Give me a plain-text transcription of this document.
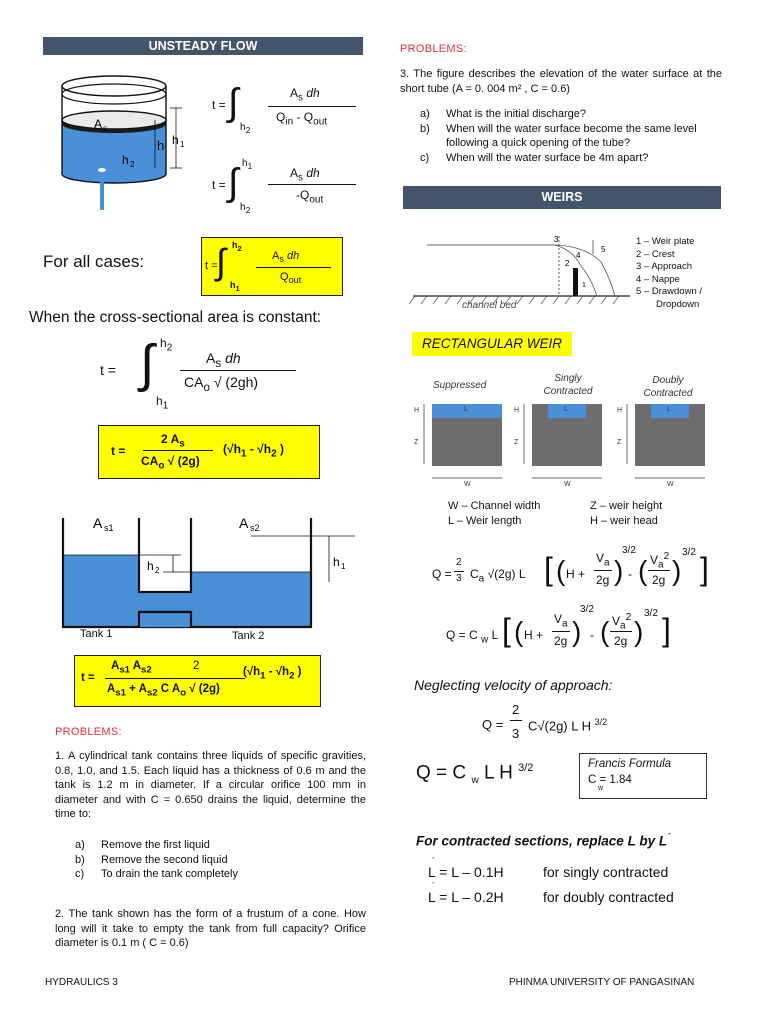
UNSTEADY FLOW
A s
h
h 2
h 1
t = ∫
$h_2$
$A_s$ dh
$Q_{in} - Q_{out}$
t = ∫ $h_1$
$h_2$
$A_s$ dh
$-Q_{out}$
For all cases:	t =
∫ $h_2$
$h_1$
$A_s$ dh
$Q_{out}$
When the cross-sectional area is constant:
t = ∫ $h_2$
$h_1$
$A_s$ dh
$CA_o$ √ (2gh)
t =
2 $A_s$
$CA_o$ √ (2g)
($√h_1 - √h_2$ )
h 2
h 1
A s1	A s2
Tank 1	Tank 2
t =
$A_{s1}$ $A_{s2}$	2
$A_{s1} + A_{s2}$ C $A_o$ √ (2g)
($√h_1 - √h_2$ )
PROBLEMS:
1. A cylindrical tank contains three liquids of specific gravities, 0.8, 1.0, and 1.5. Each liquid has a thickness of 0.6 m and the tank is 1.2 m in diameter. If a circular orifice 100 mm in diameter and with C = 0.650 drains the liquid, determine the time to:
a) Remove the first liquid
b) Remove the second liquid
c) To drain the tank completely
2. The tank shown has the form of a frustum of a cone. How long will it take to empty the tank from full capacity? Orifice diameter is 0.1 m ( C = 0.6)
PROBLEMS:
3. The figure describes the elevation of the water surface at the short tube (A = 0. 004 m² , C = 0.6)
a) What is the initial discharge?
b) When will the water surface become the same level following a quick opening of the tube?
c) When will the water surface be 4m apart?
WEIRS
3
5
4
2
1
channel bed
1 – Weir plate
2 – Crest
3 – Approach
4 – Nappe
5 – Drawdown /
Dropdown
RECTANGULAR WEIR
Suppressed
Singly Contracted
Doubly Contracted
L
H
Z
W
L
H
Z
W
L
H
Z
W
W – Channel width
L – Weir length
Z – weir height
H – weir head
Q =
2
3 $C_a$ √(2g) L [ ( H +
$V_a$
2g )
3/2
- ( $V_a^2$
2g )
3/2 ]
Q = C $_w$ L [ ( H +
$V_a$
2g )
3/2
- ( $V_a^2$
2g )
3/2 ]
Neglecting velocity of approach:
Q =
2
3
C√(2g) L H $^{3/2}$
Q = C $_w$ L H $^{3/2}$	Francis Formula
C = 1.84
w
For contracted sections, replace L by L´
´
L = L – 0.1H	for singly contracted
´
L = L – 0.2H	for doubly contracted
HYDRAULICS 3	PHINMA UNIVERSITY OF PANGASINAN
